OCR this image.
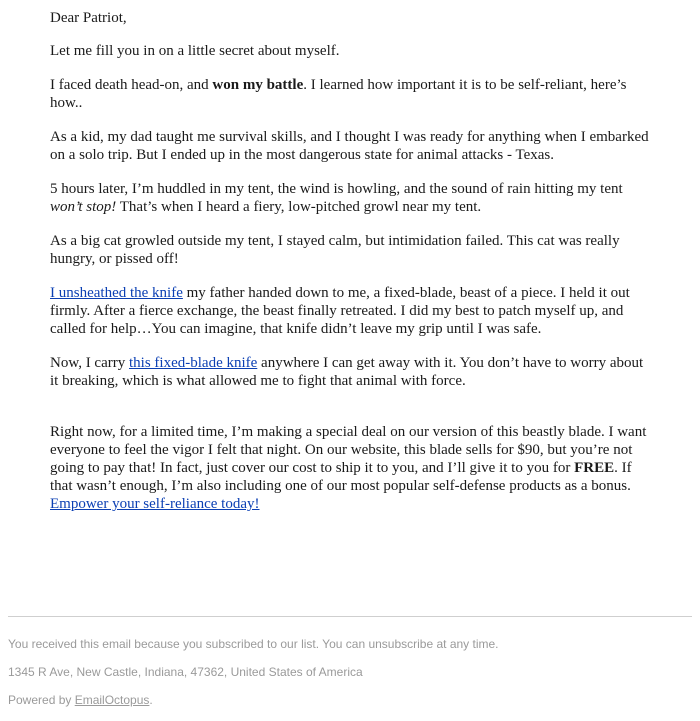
Dear Patriot,

Let me fill you in on a little secret about myself.

I faced death head-on, and won my battle. I learned how important it is to be self-reliant, here’s how..

As a kid, my dad taught me survival skills, and I thought I was ready for anything when I embarked on a solo trip. But I ended up in the most dangerous state for animal attacks - Texas.

5 hours later, I’m huddled in my tent, the wind is howling, and the sound of rain hitting my tent won’t stop! That’s when I heard a fiery, low-pitched growl near my tent.

As a big cat growled outside my tent, I stayed calm, but intimidation failed. This cat was really hungry, or pissed off!

I unsheathed the knife my father handed down to me, a fixed-blade, beast of a piece. I held it out firmly. After a fierce exchange, the beast finally retreated. I did my best to patch myself up, and called for help…You can imagine, that knife didn’t leave my grip until I was safe.

Now, I carry this fixed-blade knife anywhere I can get away with it. You don’t have to worry about it breaking, which is what allowed me to fight that animal with force.

Right now, for a limited time, I’m making a special deal on our version of this beastly blade. I want everyone to feel the vigor I felt that night. On our website, this blade sells for $90, but you’re not going to pay that! In fact, just cover our cost to ship it to you, and I’ll give it to you for FREE. If that wasn’t enough, I’m also including one of our most popular self-defense products as a bonus. Empower your self-reliance today!

You received this email because you subscribed to our list. You can unsubscribe at any time.

1345 R Ave, New Castle, Indiana, 47362, United States of America

Powered by EmailOctopus.
